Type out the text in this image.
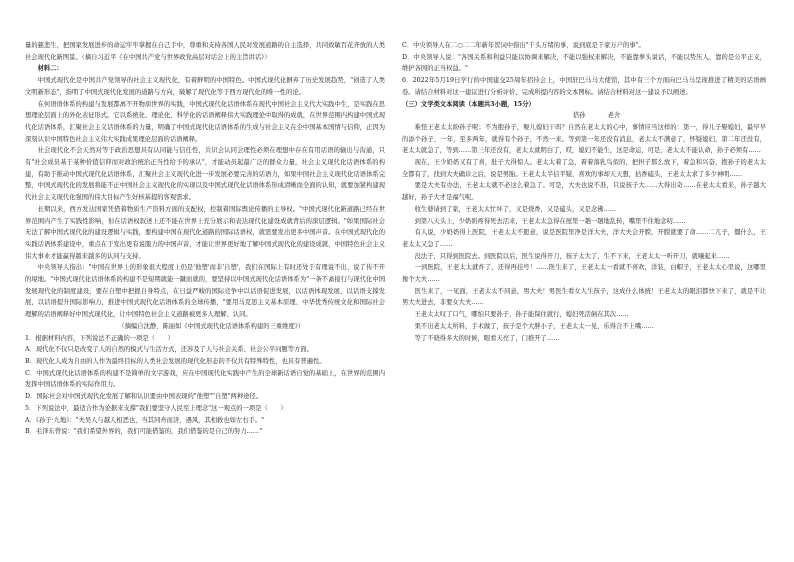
量的慈悲生，把国家发展进步的命运牢牢掌握在自己手中，尊重和支持各国人民对发展道路的自主选择，共同致敏百花齐放的人类社会现代化新图景。（摘自习近平《在中国共产党与世界政党高层对话会上的主旨讲话》）

材料二：

中国式现代化是中国共产党领导的社会主义现代化，有着鲜明的中国特色。中国式现代化摒弃了历史发展趋势，"创造了人类文明新形态"，指明了中国式现代化发展的道路与方向，破解了现代化等于西方现代化的唯一性的论。

在何语语体系的构建与发展都离不开物质世界的实践，中国式现代化话语体系在现代中国社会主义代大实践中生，是实践在思想理论层面上的外化表征形式。它以系统化、理论化、科学化的话语阐释伟大实践理论中取得的成就，在世界范围内构建中国式现代化话语体系，汇聚社会主义话语体系的力量，明确了中国式现代化话语体系的生成与社会主义在全中国基本国情与信仰，正因为深刻认识中国特色社会主义伟大实践成果理论层面的话语阐释。

社会现代化不会天然对等于政治思想具有认同能与信任性，共识会认同会理性必须在理想中存在有用话语的输出与沟通，只有"社会成员基于某种价值信仰而对政治统治正当性给予的承认"，才能动员起最广泛的群众力量，社会主义现代化话语体系的构建，有助于推动中国式现代化话语体系，汇聚社会主义现代化进一步发展必要完善的话语力，如果中国社会主义现代化话语体系完整，中国式现代化的发展将能不正中国社会主义现代化的实现以及中国式现代化话语体系形成清晰而全面的认知，就要加紧构建现代社会主义现代化强国的伟大目标产生好核基提的客观需求。

长期以来，西方发达国家凭借着物质生产资料方面的支配权，控制着国际舆论传播的主导权。"中国式现代化新道路已经在世界范围内产生了实践性影响，但在话语权叙述上还不能在世界上充分展示和表达现代化建设成就背后的深层逻辑。"如果国际社会无法了解中国式现代化的建设逻辑与实践，要构建中国在现代化道路的国际话语权，就需要发出更多中国声音。在中国式现代化的实践话语体系建设中，重点在于发出更有说服力的中国声音，才能让世界更好地了解中国式现代化的建设成就，中国特色社会主义伟大事业才能赢得越来越多的认同与支持。

中央领导人指出："中国在世界上的形象很大程度上仍是'他塑'而非'自塑'，我们在国际上有时还处于有理说不出、说了传不开的境地。"中国式现代化话语体系的构建不是短期就能一蹴而就的，要坚持以中国式现代化话语体系为"一条不紊接行与现代化中国发展现代化的制度建设，要在自塑中把握自身特点，在日益严峻的国际竞争中以话语促进发展，以话语体现发展，以话语支撑发展，以话语提升国际影响力，推进中国式现代化话语体系的全球传播，"要用马克思主义基本原理、中华优秀传统文化和国际社会理解的话语阐释好中国式现代化，让中国特色社会主义道路被更多人理解、认同。

（摘编自沈静、陈丽如《中国式现代化话语体系构建的三重维度》）

1．根据材料内容，下列说法不正确的一项是（　　）

A．现代化不仅只是改变了人的自然的模式与生活方式，还涉及了人与社会关系、社会公平问题等方面。

B．现代化人成为自由的人作为最终目标的人类社会发展的现代化形态的不仅共有特殊特性，也具有普遍性。

C．中国式现代化话语体系的构建不是简单的文字游戏，应在中国现代化实践中产生的全球新话语自觉的基础上，在世界的范围内发挥中国话语体系的实际作用力。

D．国际社会对中国式现代化发展了解和认识要由中国表现的"他塑""自塑"两种途径。

5．下列说法中，最适合作为论据来支撑"我们要坚守人民至上理念"这一观点的一项是（　　）

A．《孙子·九地》："夫吴人与越人相恶也，当其同舟而济，遇风，其相救也如左右手。"

B．毛泽东曾说："我们希望外界的，我们可能借鉴的，我们借鉴的是自己的努力……"

C．中央领导人在二○二二年新年贺词中指出"千头万绪的事，说到底是千家万户的事"。

D．中央领导人说："各国关系和利益只能以协调来解决，不能以强权来解决，不能靠拳头说话，不能以势压人，靠的是公平正义，维护各国的正当权益。"

6．2022年5月19日学行的中国建交25周年招待会上，中国驻巴马马大使馆，其中有三个方面向巴马马呈现推进了精美的话语画卷。请结合材料对这一建议进行分析评价，完成所提内容的文本图标。请结合材料对这一建议予以阐述。

（三）文学类文本阅读（本题共3小题，15分）

搭孙	老舍

难怪王老太太盼孙子呢；不为抱孙子，娶儿媳妇干吗？自然在老太太的心中，事情应当这样的：第一，得儿子娶媳妇，最早早的添个孙子，一年，至多两年，就得有个孙子，不然一来。等到第一年还没有消息，老太太不满意了，怀疑媳妇，第二年还没有，老太太就急了，等到……第三年还没有，老太太就明白了，哎，媳妇不能生，这是命运，可是，老太太不能认命，孙子必须有……

现在，王少奶奶又有了喜，肚子大得惊人。老太太着了急，着着落乳鸟似的，把担子那么放下，着急和兴奋，抱孙子的老太太全都有了，找到大夫确诊之后，说是男胎。王老太太半信半疑，喜欢的事却天天想，拈香磕头，王老太太求了多少神明……

要是大夫有办法，王老太太就不必这么着急了。可是，大夫也说不准，只说孩子大……大得出奇……在老太太看来，孙子越大越好，孙子大才是福气呢。

收生婆请到了家，王老太太忙坏了，又是烧香，又是磕头，又是念佛……

到第八天头上，少奶奶疼得死去活来，王老太太急得在屋里一趟一趟地乱转，嘴里不住地念叨……

有人说，少奶奶得上医院，王老太太不愿意，说是医院里净是洋大夫，洋大夫会开膛，开膛就要了命……二儿子，僵什么，王老太太又急了……

没法子，只得到医院去。到医院以后，医生说得开刀，孩子太大了，生不下来，王老太太一听开刀，就嚷起来……

一到医院，王老太太就炸了，还得再挂号！……医生来了，王老太太一看就不喜欢，洋装，白帽子，王老太太心里说，这哪里像个大夫……

医生来了，一见面，王老太太不同意，男大夫！男医生看女人生孩子，这成什么体统！王老太太的眼泪都快下来了，就是不让男大夫进去，非要女大夫……

王老太太叹了口气，哪怕只要孙子，孙子能保住就行，媳妇死活倒在其次……

果不出老太太所料，手术做了，孩子是个大胖小子，王老太太一见，乐得合不上嘴……

等了不晓得多大的时候，眼看天亮了，门推开了……
